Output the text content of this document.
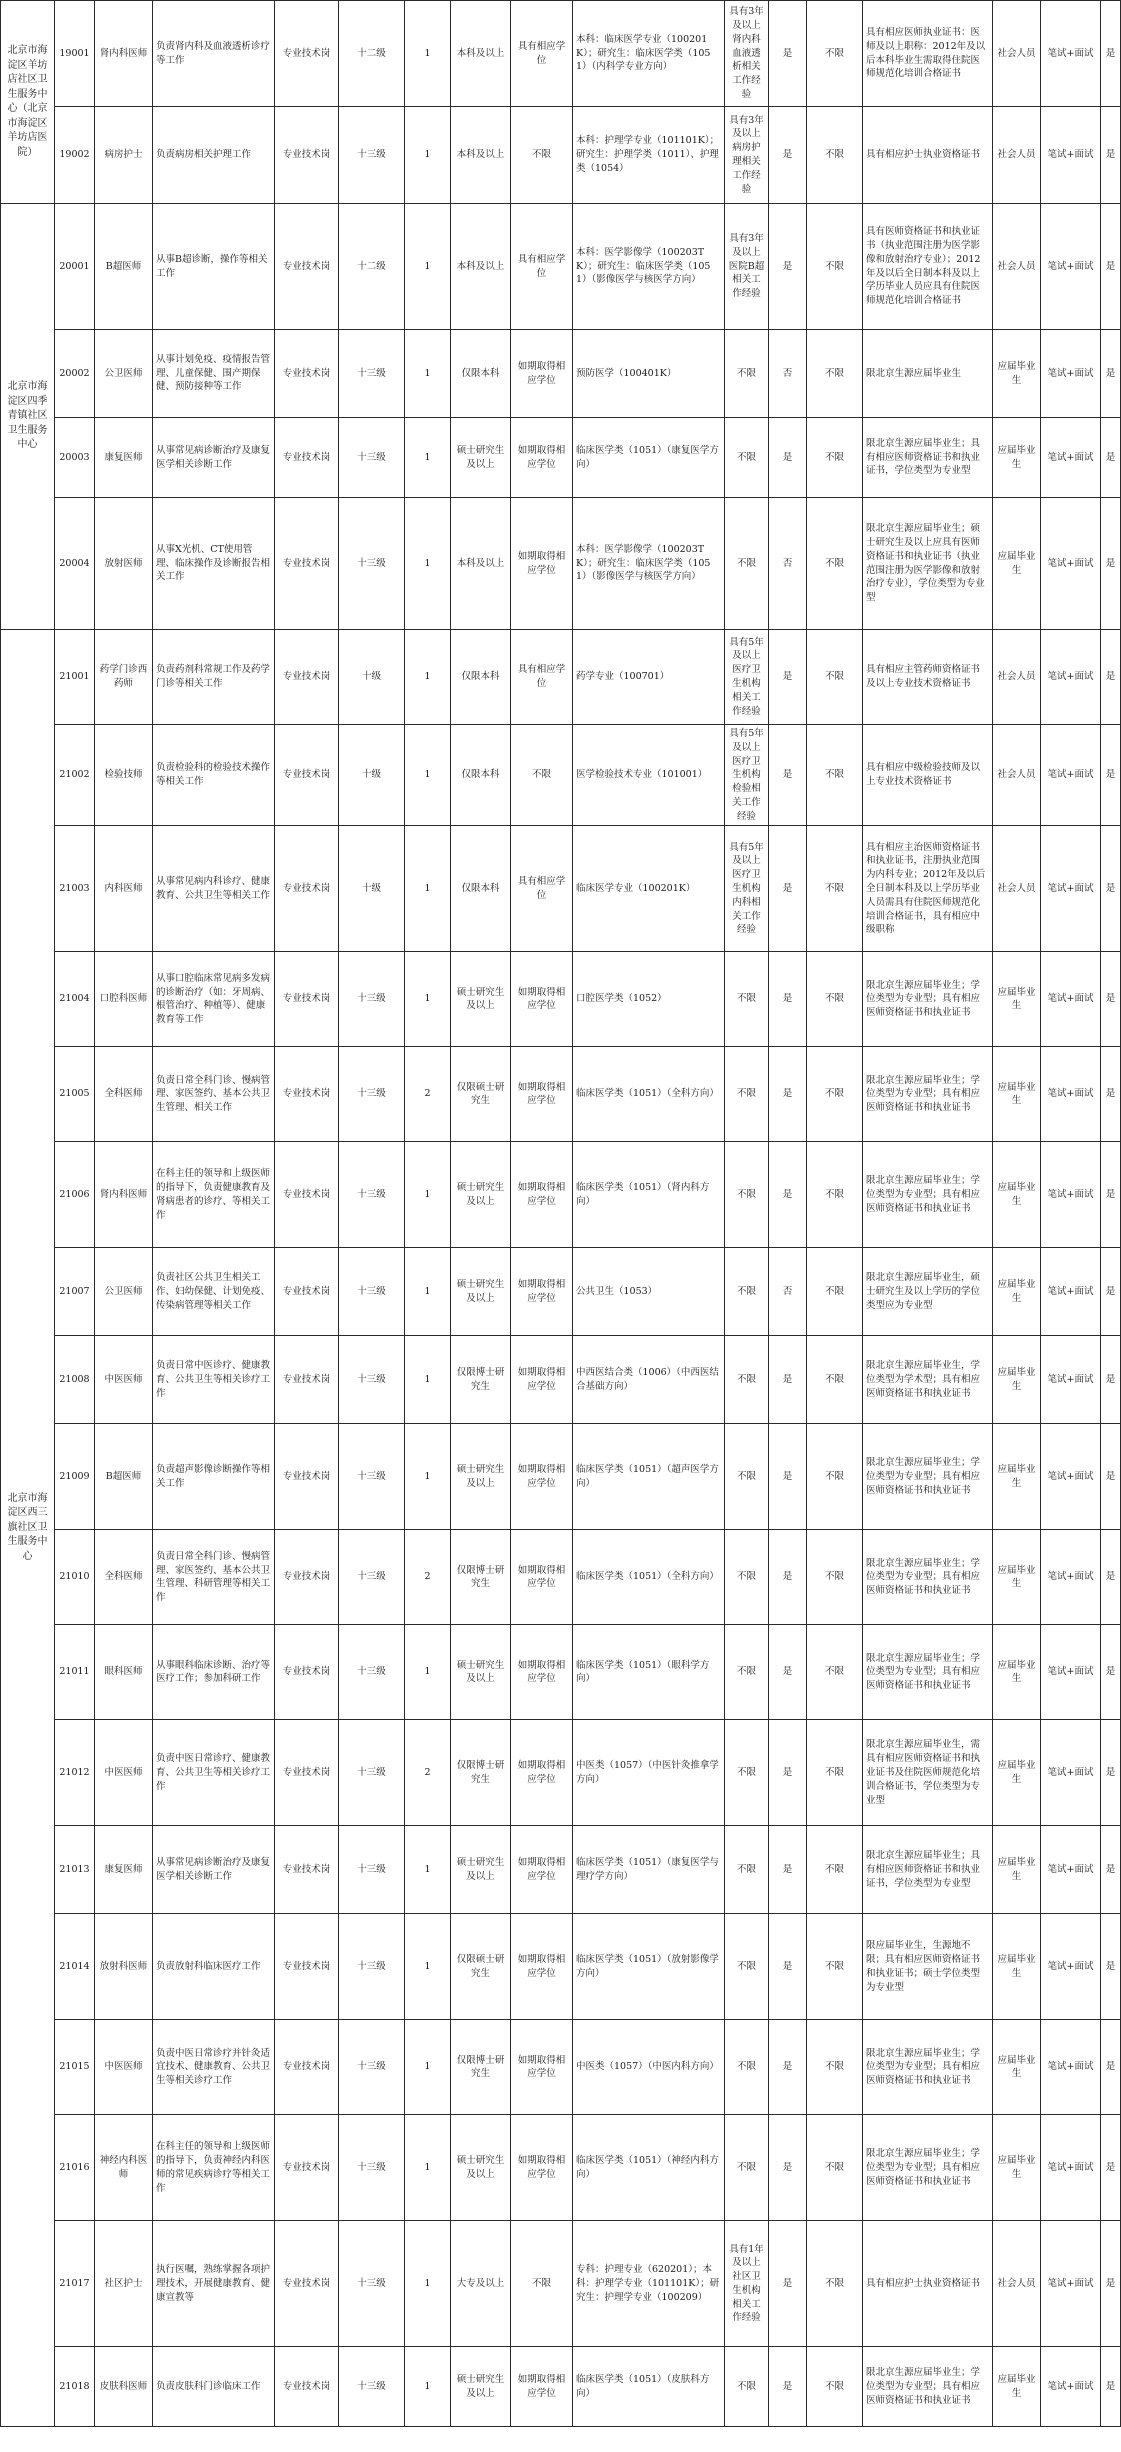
北京市海淀区羊坊店社区卫生服务中心（北京市海淀区羊坊店医院）	19001	肾内科医师	负责肾内科及血液透析诊疗等工作	专业技术岗	十二级	1	本科及以上	具有相应学位	本科：临床医学专业（100201K）；研究生：临床医学类（1051）（内科学专业方向）	具有3年及以上肾内科血液透析相关工作经验	是	不限	具有相应医师执业证书：医师及以上职称：2012年及以后本科毕业生需取得住院医师规范化培训合格证书	社会人员	笔试+面试	是
	19002	病房护士	负责病房相关护理工作	专业技术岗	十三级	1	本科及以上	不限	本科：护理学专业（101101K）；研究生：护理学类（1011）、护理类（1054）	具有3年及以上病房护理相关工作经验	是	不限	具有相应护士执业资格证书	社会人员	笔试+面试	是
北京市海淀区四季青镇社区卫生服务中心	20001	B超医师	从事B超诊断，操作等相关工作	专业技术岗	十二级	1	本科及以上	具有相应学位	本科：医学影像学（100203TK）；研究生：临床医学类（1051）（影像医学与核医学方向）	具有3年及以上医院B超相关工作经验	是	不限	具有医师资格证书和执业证书（执业范围注册为医学影像和放射治疗专业）；2012年及以后全日制本科及以上学历毕业人员应具有住院医师规范化培训合格证书	社会人员	笔试+面试	是
	20002	公卫医师	从事计划免疫、疫情报告管理、儿童保健、围产期保健、预防接种等工作	专业技术岗	十三级	1	仅限本科	如期取得相应学位	预防医学（100401K）	不限	否	不限	限北京生源应届毕业生	应届毕业生	笔试+面试	是
	20003	康复医师	从事常见病诊断治疗及康复医学相关诊断工作	专业技术岗	十三级	1	硕士研究生及以上	如期取得相应学位	临床医学类（1051）（康复医学方向）	不限	是	不限	限北京生源应届毕业生；具有相应医师资格证书和执业证书，学位类型为专业型	应届毕业生	笔试+面试	是
	20004	放射医师	从事X光机、CT使用管理、临床操作及诊断报告相关工作	专业技术岗	十三级	1	本科及以上	如期取得相应学位	本科：医学影像学（100203TK）；研究生：临床医学类（1051）（影像医学与核医学方向）	不限	否	不限	限北京生源应届毕业生；硕士研究生及以上应具有医师资格证书和执业证书（执业范围注册为医学影像和放射治疗专业），学位类型为专业型	应届毕业生	笔试+面试	是
北京市海淀区西三旗社区卫生服务中心	21001	药学门诊西药师	负责药剂科常规工作及药学门诊等相关工作	专业技术岗	十级	1	仅限本科	具有相应学位	药学专业（100701）	具有5年及以上医疗卫生机构相关工作经验	是	不限	具有相应主管药师资格证书及以上专业技术资格证书	社会人员	笔试+面试	是
	21002	检验技师	负责检验科的检验技术操作等相关工作	专业技术岗	十级	1	仅限本科	不限	医学检验技术专业（101001）	具有5年及以上医疗卫生机构检验相关工作经验	是	不限	具有相应中级检验技师及以上专业技术资格证书	社会人员	笔试+面试	是
	21003	内科医师	从事常见病内科诊疗、健康教育、公共卫生等相关工作	专业技术岗	十级	1	仅限本科	具有相应学位	临床医学专业（100201K）	具有5年及以上医疗卫生机构内科相关工作经验	是	不限	具有相应主治医师资格证书和执业证书，注册执业范围为内科专业；2012年及以后全日制本科及以上学历毕业人员需具有住院医师规范化培训合格证书，具有相应中级职称	社会人员	笔试+面试	是
	21004	口腔科医师	从事口腔临床常见病多发病的诊断治疗（如：牙周病、根管治疗、种植等）、健康教育等工作	专业技术岗	十三级	1	硕士研究生及以上	如期取得相应学位	口腔医学类（1052）	不限	是	不限	限北京生源应届毕业生；学位类型为专业型；具有相应医师资格证书和执业证书	应届毕业生	笔试+面试	是
	21005	全科医师	负责日常全科门诊、慢病管理、家医签约、基本公共卫生管理、相关工作	专业技术岗	十三级	2	仅限硕士研究生	如期取得相应学位	临床医学类（1051）（全科方向）	不限	是	不限	限北京生源应届毕业生；学位类型为专业型；具有相应医师资格证书和执业证书	应届毕业生	笔试+面试	是
	21006	肾内科医师	在科主任的领导和上级医师的指导下，负责健康教育及肾病患者的诊疗、等相关工作	专业技术岗	十三级	1	硕士研究生及以上	如期取得相应学位	临床医学类（1051）（肾内科方向）	不限	是	不限	限北京生源应届毕业生；学位类型为专业型；具有相应医师资格证书和执业证书	应届毕业生	笔试+面试	是
	21007	公卫医师	负责社区公共卫生相关工作、妇幼保健、计划免疫、传染病管理等相关工作	专业技术岗	十三级	1	硕士研究生及以上	如期取得相应学位	公共卫生（1053）	不限	否	不限	限北京生源应届毕业生，硕士研究生及以上学历的学位类型应为专业型	应届毕业生	笔试+面试	是
	21008	中医医师	负责日常中医诊疗、健康教育、公共卫生等相关诊疗工作	专业技术岗	十三级	1	仅限博士研究生	如期取得相应学位	中西医结合类（1006）（中西医结合基础方向）	不限	是	不限	限北京生源应届毕业生，学位类型为学术型；具有相应医师资格证书和执业证书	应届毕业生	笔试+面试	是
	21009	B超医师	负责超声影像诊断操作等相关工作	专业技术岗	十三级	1	硕士研究生及以上	如期取得相应学位	临床医学类（1051）（超声医学方向）	不限	是	不限	限北京生源应届毕业生；学位类型为专业型；具有相应医师资格证书和执业证书	应届毕业生	笔试+面试	是
	21010	全科医师	负责日常全科门诊、慢病管理、家医签约、基本公共卫生管理、科研管理等相关工作	专业技术岗	十三级	2	仅限博士研究生	如期取得相应学位	临床医学类（1051）（全科方向）	不限	是	不限	限北京生源应届毕业生；学位类型为专业型；具有相应医师资格证书和执业证书	应届毕业生	笔试+面试	是
	21011	眼科医师	从事眼科临床诊断、治疗等医疗工作；参加科研工作	专业技术岗	十三级	1	硕士研究生及以上	如期取得相应学位	临床医学类（1051）（眼科学方向）	不限	是	不限	限北京生源应届毕业生；学位类型为专业型；具有相应医师资格证书和执业证书	应届毕业生	笔试+面试	是
	21012	中医医师	负责中医日常诊疗、健康教育、公共卫生等相关诊疗工作	专业技术岗	十三级	2	仅限博士研究生	如期取得相应学位	中医类（1057）（中医针灸推拿学方向）	不限	是	不限	限北京生源应届毕业生，需具有相应医师资格证书和执业证书及住院医师规范化培训合格证书，学位类型为专业型	应届毕业生	笔试+面试	是
	21013	康复医师	从事常见病诊断治疗及康复医学相关诊断工作	专业技术岗	十三级	1	硕士研究生及以上	如期取得相应学位	临床医学类（1051）（康复医学与理疗学方向）	不限	是	不限	限北京生源应届毕业生；具有相应医师资格证书和执业证书，学位类型为专业型	应届毕业生	笔试+面试	是
	21014	放射科医师	负责放射科临床医疗工作	专业技术岗	十三级	1	仅限硕士研究生	如期取得相应学位	临床医学类（1051）（放射影像学方向）	不限	是	不限	限应届毕业生，生源地不限；具有相应医师资格证书和执业证书；硕士学位类型为专业型	应届毕业生	笔试+面试	是
	21015	中医医师	负责中医日常诊疗并针灸适宜技术、健康教育、公共卫生等相关诊疗工作	专业技术岗	十三级	1	仅限博士研究生	如期取得相应学位	中医类（1057）（中医内科方向）	不限	是	不限	限北京生源应届毕业生；学位类型为专业型；具有相应医师资格证书和执业证书	应届毕业生	笔试+面试	是
	21016	神经内科医师	在科主任的领导和上级医师的指导下，负责神经内科医师的常见疾病诊疗等相关工作	专业技术岗	十三级	1	硕士研究生及以上	如期取得相应学位	临床医学类（1051）（神经内科方向）	不限	是	不限	限北京生源应届毕业生；学位类型为专业型；具有相应医师资格证书和执业证书	应届毕业生	笔试+面试	是
	21017	社区护士	执行医嘱，熟练掌握各项护理技术，开展健康教育、健康宣教等	专业技术岗	十三级	1	大专及以上	不限	专科：护理专业（620201）；本科：护理学专业（101101K）；研究生：护理学专业（100209）	具有1年及以上社区卫生机构相关工作经验	是	不限	具有相应护士执业资格证书	社会人员	笔试+面试	是
	21018	皮肤科医师	负责皮肤科门诊临床工作	专业技术岗	十三级	1	硕士研究生及以上	如期取得相应学位	临床医学类（1051）（皮肤科方向）	不限	是	不限	限北京生源应届毕业生；学位类型为专业型；具有相应医师资格证书和执业证书	应届毕业生	笔试+面试	是
